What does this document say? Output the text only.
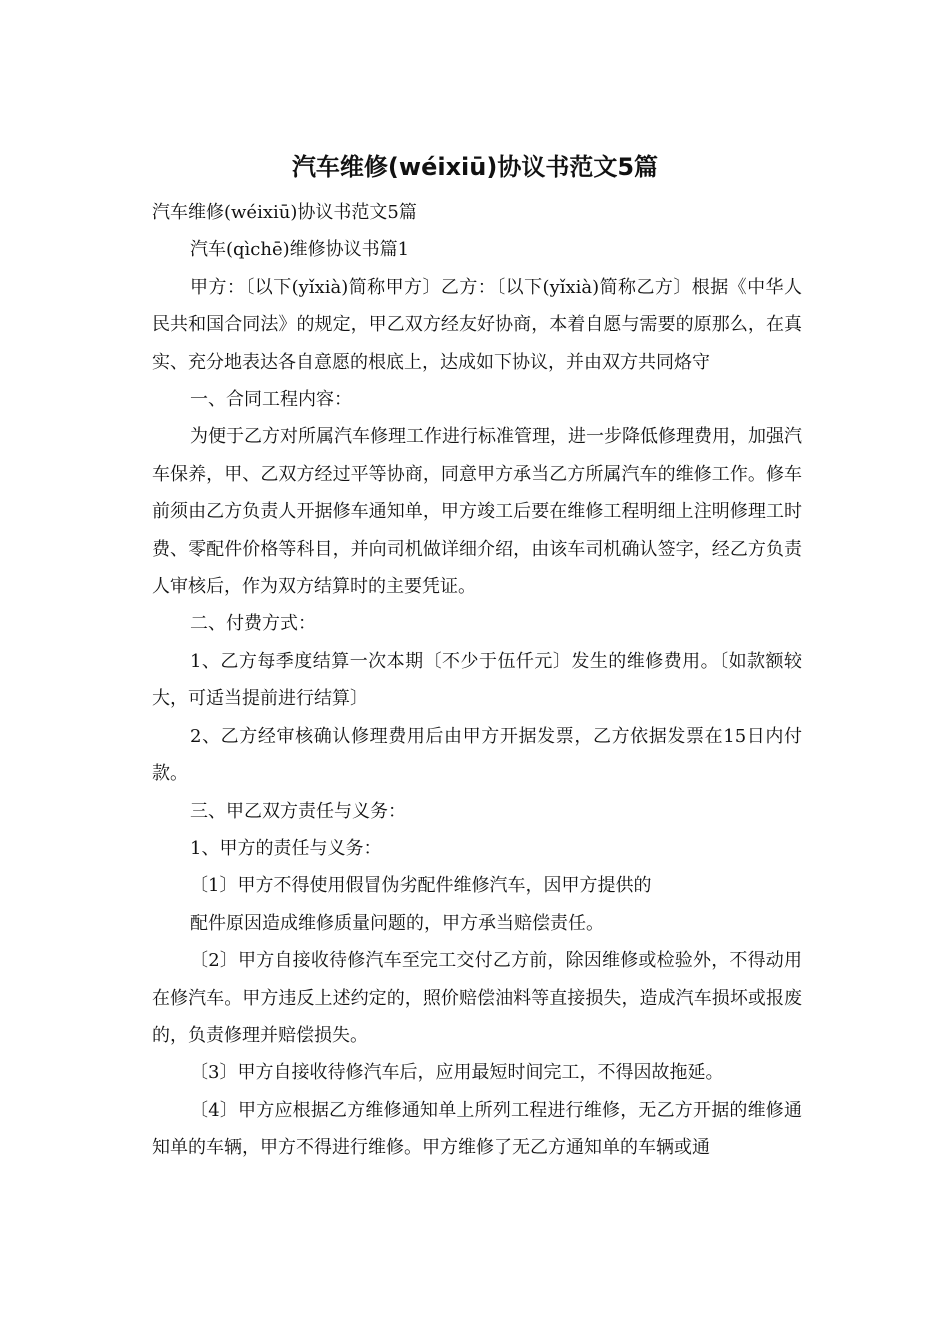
汽车维修(wéixiū)协议书范文5篇

汽车维修(wéixiū)协议书范文5篇

汽车(qìchē)维修协议书篇1

甲方：〔以下(yǐxià)简称甲方〕乙方：〔以下(yǐxià)简称乙方〕根据《中华人民共和国合同法》的规定，甲乙双方经友好协商，本着自愿与需要的原那么，在真实、充分地表达各自意愿的根底上，达成如下协议，并由双方共同烙守

一、合同工程内容：

为便于乙方对所属汽车修理工作进行标准管理，进一步降低修理费用，加强汽车保养，甲、乙双方经过平等协商，同意甲方承当乙方所属汽车的维修工作。修车前须由乙方负责人开据修车通知单，甲方竣工后要在维修工程明细上注明修理工时费、零配件价格等科目，并向司机做详细介绍，由该车司机确认签字，经乙方负责人审核后，作为双方结算时的主要凭证。

二、付费方式：

1、乙方每季度结算一次本期〔不少于伍仟元〕发生的维修费用。〔如款额较大，可适当提前进行结算〕

2、乙方经审核确认修理费用后由甲方开据发票，乙方依据发票在15日内付款。

三、甲乙双方责任与义务：

1、甲方的责任与义务：

〔1〕甲方不得使用假冒伪劣配件维修汽车，因甲方提供的

配件原因造成维修质量问题的，甲方承当赔偿责任。

〔2〕甲方自接收待修汽车至完工交付乙方前，除因维修或检验外，不得动用在修汽车。甲方违反上述约定的，照价赔偿油料等直接损失，造成汽车损坏或报废的，负责修理并赔偿损失。

〔3〕甲方自接收待修汽车后，应用最短时间完工，不得因故拖延。

〔4〕甲方应根据乙方维修通知单上所列工程进行维修，无乙方开据的维修通知单的车辆，甲方不得进行维修。甲方维修了无乙方通知单的车辆或通
